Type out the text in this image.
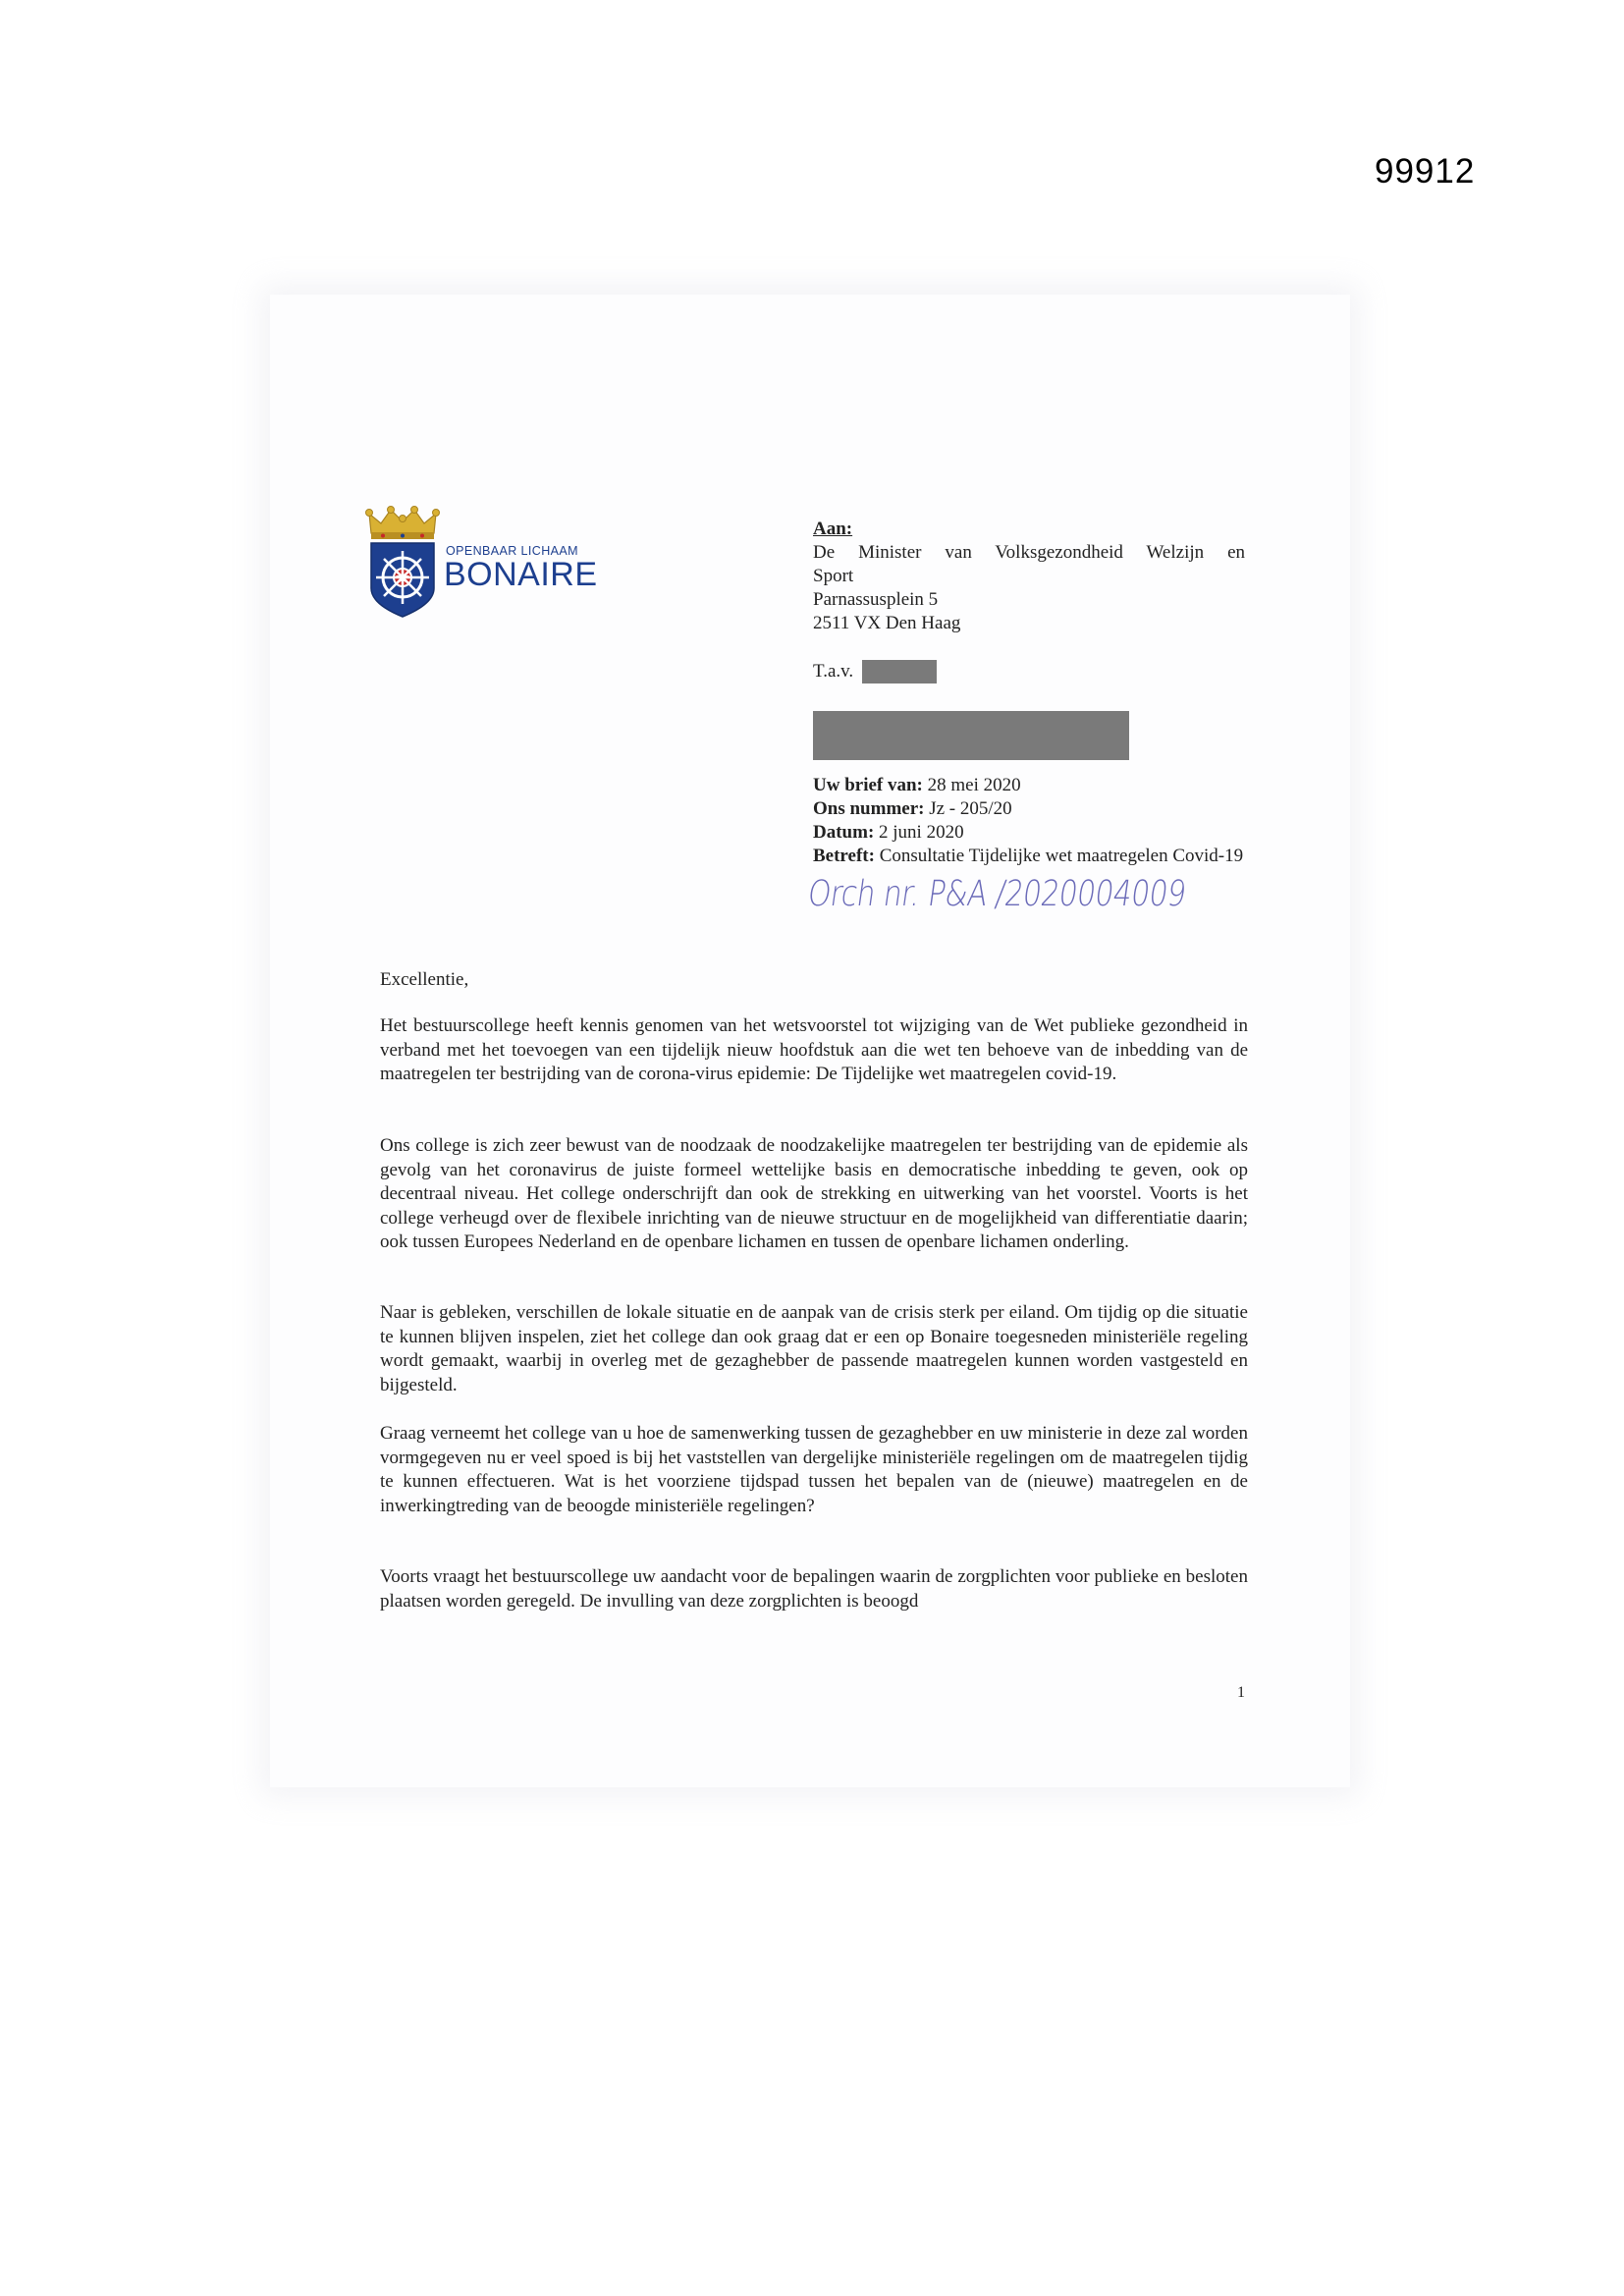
99912
OPENBAAR LICHAAM
BONAIRE
Aan:
De Minister van Volksgezondheid Welzijn en
Sport
Parnassusplein 5
2511 VX Den Haag
T.a.v.
Uw brief van: 28 mei 2020
Ons nummer: Jz - 205/20
Datum: 2 juni 2020
Betreft: Consultatie Tijdelijke wet maatregelen Covid-19
Orch nr. P&A /2020004009
Excellentie,

Het bestuurscollege heeft kennis genomen van het wetsvoorstel tot wijziging van de Wet publieke gezondheid in verband met het toevoegen van een tijdelijk nieuw hoofdstuk aan die wet ten behoeve van de inbedding van de maatregelen ter bestrijding van de corona-virus epidemie: De Tijdelijke wet maatregelen covid-19.

Ons college is zich zeer bewust van de noodzaak de noodzakelijke maatregelen ter bestrijding van de epidemie als gevolg van het coronavirus de juiste formeel wettelijke basis en democratische inbedding te geven, ook op decentraal niveau. Het college onderschrijft dan ook de strekking en uitwerking van het voorstel. Voorts is het college verheugd over de flexibele inrichting van de nieuwe structuur en de mogelijkheid van differentiatie daarin; ook tussen Europees Nederland en de openbare lichamen en tussen de openbare lichamen onderling.

Naar is gebleken, verschillen de lokale situatie en de aanpak van de crisis sterk per eiland. Om tijdig op die situatie te kunnen blijven inspelen, ziet het college dan ook graag dat er een op Bonaire toegesneden ministeriële regeling wordt gemaakt, waarbij in overleg met de gezaghebber de passende maatregelen kunnen worden vastgesteld en bijgesteld.

Graag verneemt het college van u hoe de samenwerking tussen de gezaghebber en uw ministerie in deze zal worden vormgegeven nu er veel spoed is bij het vaststellen van dergelijke ministeriële regelingen om de maatregelen tijdig te kunnen effectueren. Wat is het voorziene tijdspad tussen het bepalen van de (nieuwe) maatregelen en de inwerkingtreding van de beoogde ministeriële regelingen?

Voorts vraagt het bestuurscollege uw aandacht voor de bepalingen waarin de zorgplichten voor publieke en besloten plaatsen worden geregeld. De invulling van deze zorgplichten is beoogd

1
